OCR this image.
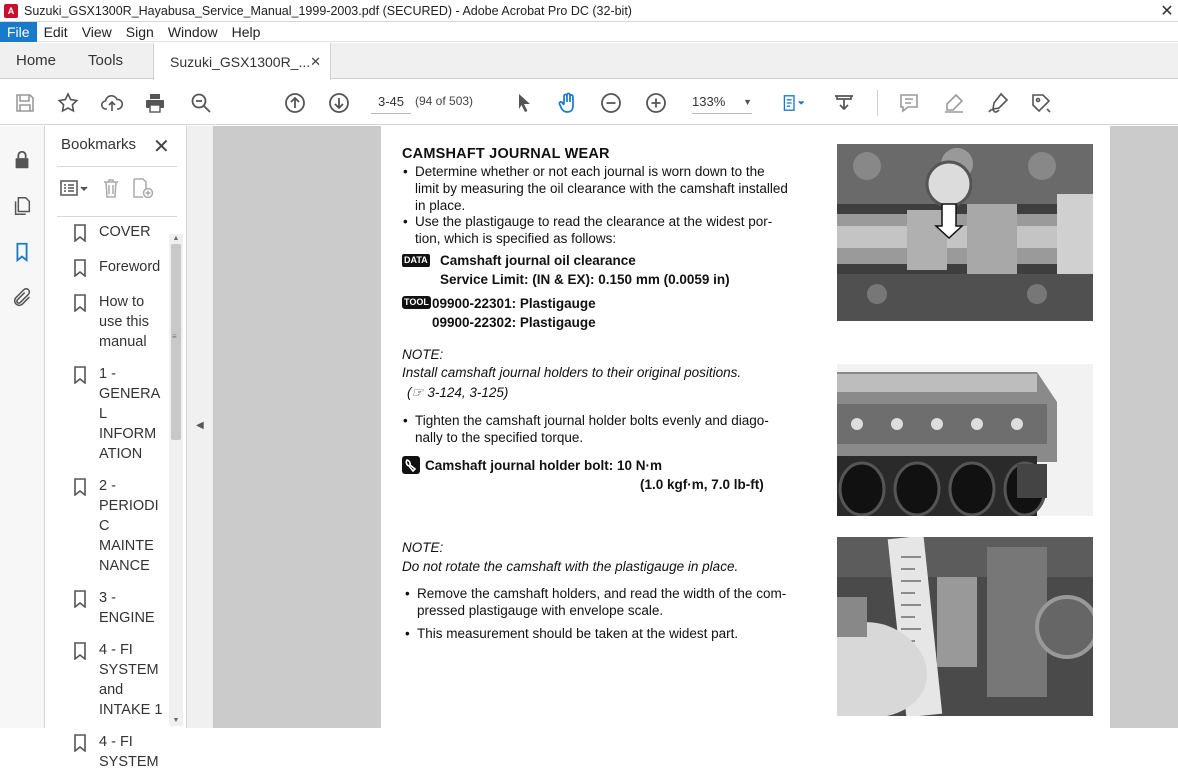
A Suzuki_GSX1300R_Hayabusa_Service_Manual_1999-2003.pdf (SECURED) - Adobe Acrobat Pro DC (32-bit)	✕
File	Edit	View	Sign	Window	Help
Home	Tools	Suzuki_GSX1300R_... ✕
3-45 (94 of 503)	133% ▼
Bookmarks ✕
COVER
Foreword
How to
use this
manual
1 -
GENERAL
INFORM
ATION
2 -
PERIODI
C
MAINTE
NANCE
3 -
ENGINE
4 - FI
SYSTEM
and
INTAKE 1
4 - FI
SYSTEM
▲
≡
▼
◀
CAMSHAFT JOURNAL WEAR
• Determine whether or not each journal is worn down to the
limit by measuring the oil clearance with the camshaft installed
in place.
• Use the plastigauge to read the clearance at the widest por-
tion, which is specified as follows:
DATA Camshaft journal oil clearance
Service Limit: (IN & EX): 0.150 mm (0.0059 in)
TOOL 09900-22301: Plastigauge
09900-22302: Plastigauge
NOTE:
Install camshaft journal holders to their original positions.
(☞ 3-124, 3-125)
• Tighten the camshaft journal holder bolts evenly and diago-
nally to the specified torque.
Camshaft journal holder bolt: 10 N·m
(1.0 kgf·m, 7.0 lb-ft)
NOTE:
Do not rotate the camshaft with the plastigauge in place.
• Remove the camshaft holders, and read the width of the com-
pressed plastigauge with envelope scale.
• This measurement should be taken at the widest part.
